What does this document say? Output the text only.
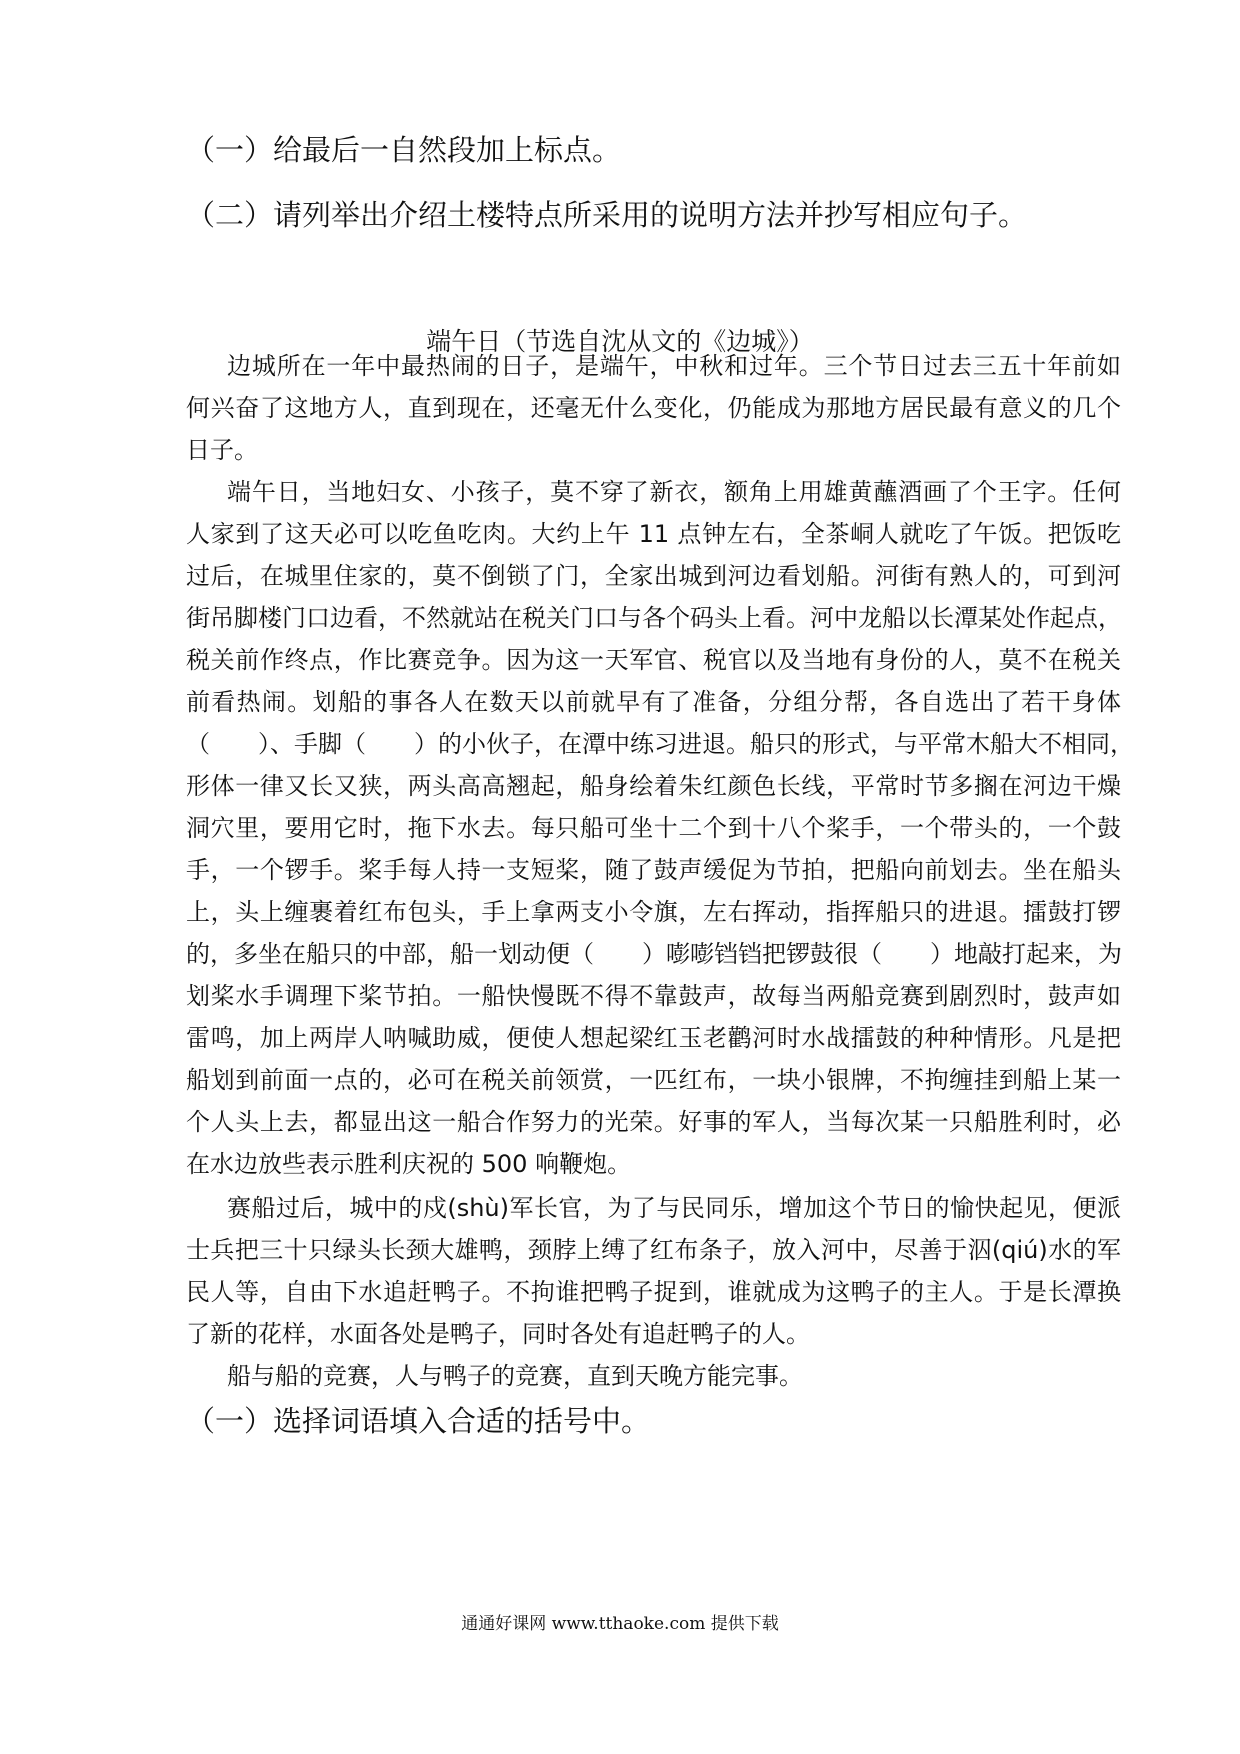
（一）给最后一自然段加上标点。
（二）请列举出介绍土楼特点所采用的说明方法并抄写相应句子。
端午日（节选自沈从文的《边城》）
边城所在一年中最热闹的日子，是端午，中秋和过年。三个节日过去三五十年前如
何兴奋了这地方人，直到现在，还毫无什么变化，仍能成为那地方居民最有意义的几个
日子。
端午日，当地妇女、小孩子，莫不穿了新衣，额角上用雄黄蘸酒画了个王字。任何
人家到了这天必可以吃鱼吃肉。大约上午 11 点钟左右，全茶峒人就吃了午饭。把饭吃
过后，在城里住家的，莫不倒锁了门，全家出城到河边看划船。河街有熟人的，可到河
街吊脚楼门口边看，不然就站在税关门口与各个码头上看。河中龙船以长潭某处作起点，
税关前作终点，作比赛竞争。因为这一天军官、税官以及当地有身份的人，莫不在税关
前看热闹。划船的事各人在数天以前就早有了准备，分组分帮，各自选出了若干身体
（　　）、手脚（　　）的小伙子，在潭中练习进退。船只的形式，与平常木船大不相同，
形体一律又长又狭，两头高高翘起，船身绘着朱红颜色长线，平常时节多搁在河边干燥
洞穴里，要用它时，拖下水去。每只船可坐十二个到十八个桨手，一个带头的，一个鼓
手，一个锣手。桨手每人持一支短桨，随了鼓声缓促为节拍，把船向前划去。坐在船头
上，头上缠裹着红布包头，手上拿两支小令旗，左右挥动，指挥船只的进退。擂鼓打锣
的，多坐在船只的中部，船一划动便（　　）嘭嘭铛铛把锣鼓很（　　）地敲打起来，为
划桨水手调理下桨节拍。一船快慢既不得不靠鼓声，故每当两船竞赛到剧烈时，鼓声如
雷鸣，加上两岸人呐喊助威，便使人想起梁红玉老鹳河时水战擂鼓的种种情形。凡是把
船划到前面一点的，必可在税关前领赏，一匹红布，一块小银牌，不拘缠挂到船上某一
个人头上去，都显出这一船合作努力的光荣。好事的军人，当每次某一只船胜利时，必
在水边放些表示胜利庆祝的 500 响鞭炮。
赛船过后，城中的戍(shù)军长官，为了与民同乐，增加这个节日的愉快起见，便派
士兵把三十只绿头长颈大雄鸭，颈脖上缚了红布条子，放入河中，尽善于泅(qiú)水的军
民人等，自由下水追赶鸭子。不拘谁把鸭子捉到，谁就成为这鸭子的主人。于是长潭换
了新的花样，水面各处是鸭子，同时各处有追赶鸭子的人。
船与船的竞赛，人与鸭子的竞赛，直到天晚方能完事。
（一）选择词语填入合适的括号中。
通通好课网 www.tthaoke.com 提供下载
